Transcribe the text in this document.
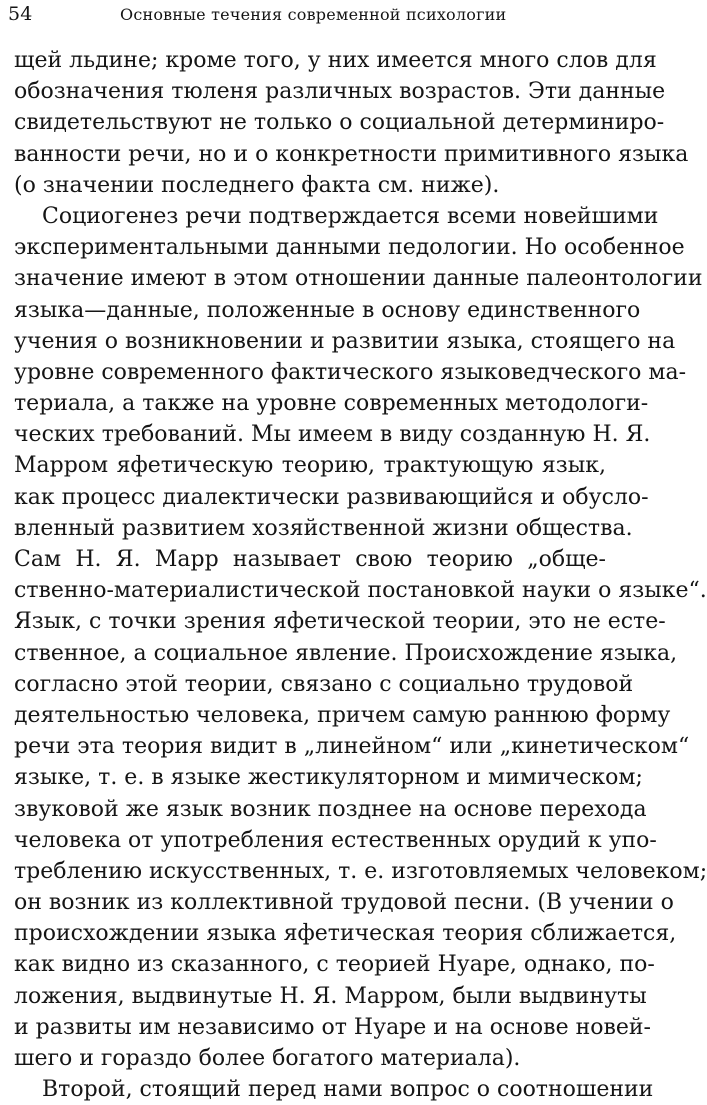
54	Основные течения современной психологии
щей льдине; кроме того, у них имеется много слов для
обозначения тюленя различных возрастов. Эти данные
свидетельствуют не только о социальной детерминиро-
ванности речи, но и о конкретности примитивного языка
(о значении последнего факта см. ниже).
Социогенез речи подтверждается всеми новейшими
экспериментальными данными педологии. Но особенное
значение имеют в этом отношении данные палеонтологии
языка—данные, положенные в основу единственного
учения о возникновении и развитии языка, стоящего на
уровне современного фактического языковедческого ма-
териала, а также на уровне современных методологи-
ческих требований. Мы имеем в виду созданную Н. Я.
Марром яфетическую теорию, трактующую язык,
как процесс диалектически развивающийся и обусло-
вленный развитием хозяйственной жизни общества.
Сам Н. Я. Марр называет свою теорию „обще-
ственно-материалистической постановкой науки о языке“.
Язык, с точки зрения яфетической теории, это не есте-
ственное, а социальное явление. Происхождение языка,
согласно этой теории, связано с социально трудовой
деятельностью человека, причем самую раннюю форму
речи эта теория видит в „линейном“ или „кинетическом“
языке, т. е. в языке жестикуляторном и мимическом;
звуковой же язык возник позднее на основе перехода
человека от употребления естественных орудий к упо-
треблению искусственных, т. е. изготовляемых человеком;
он возник из коллективной трудовой песни. (В учении о
происхождении языка яфетическая теория сближается,
как видно из сказанного, с теорией Нуаре, однако, по-
ложения, выдвинутые Н. Я. Марром, были выдвинуты
и развиты им независимо от Нуаре и на основе новей-
шего и гораздо более богатого материала).
Второй, стоящий перед нами вопрос о соотношении
